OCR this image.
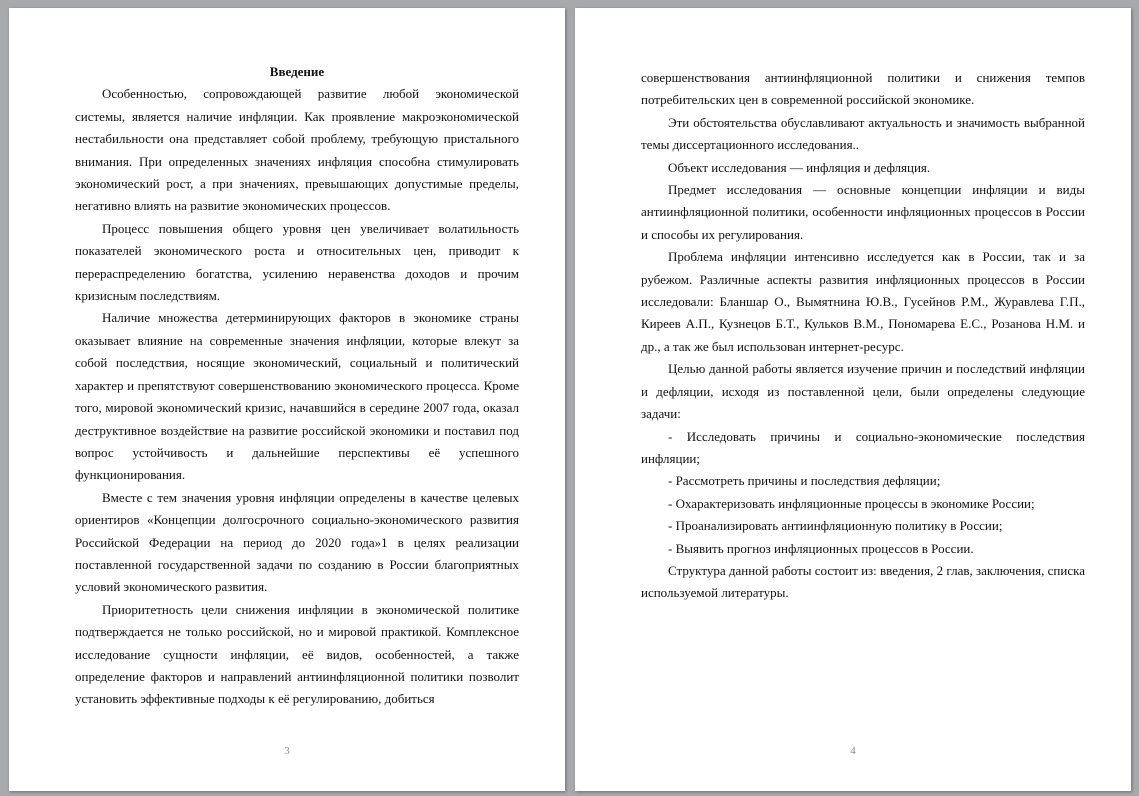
Введение

Особенностью, сопровождающей развитие любой экономической системы, является наличие инфляции. Как проявление макроэкономической нестабильности она представляет собой проблему, требующую пристального внимания. При определенных значениях инфляция способна стимулировать экономический рост, а при значениях, превышающих допустимые пределы, негативно влиять на развитие экономических процессов.

Процесс повышения общего уровня цен увеличивает волатильность показателей экономического роста и относительных цен, приводит к перераспределению богатства, усилению неравенства доходов и прочим кризисным последствиям.

Наличие множества детерминирующих факторов в экономике страны оказывает влияние на современные значения инфляции, которые влекут за собой последствия, носящие экономический, социальный и политический характер и препятствуют совершенствованию экономического процесса. Кроме того, мировой экономический кризис, начавшийся в середине 2007 года, оказал деструктивное воздействие на развитие российской экономики и поставил под вопрос устойчивость и дальнейшие перспективы её успешного функционирования.

Вместе с тем значения уровня инфляции определены в качестве целевых ориентиров «Концепции долгосрочного социально-экономического развития Российской Федерации на период до 2020 года»1 в целях реализации поставленной государственной задачи по созданию в России благоприятных условий экономического развития.

Приоритетность цели снижения инфляции в экономической политике подтверждается не только российской, но и мировой практикой. Комплексное исследование сущности инфляции, её видов, особенностей, а также определение факторов и направлений антиинфляционной политики позволит установить эффективные подходы к её регулированию, добиться

3

совершенствования антиинфляционной политики и снижения темпов потребительских цен в современной российской экономике.

Эти обстоятельства обуславливают актуальность и значимость выбранной темы диссертационного исследования..

Объект исследования — инфляция и дефляция.

Предмет исследования — основные концепции инфляции и виды антиинфляционной политики, особенности инфляционных процессов в России и способы их регулирования.

Проблема инфляции интенсивно исследуется как в России, так и за рубежом. Различные аспекты развития инфляционных процессов в России исследовали: Бланшар О., Вымятнина Ю.В., Гусейнов Р.М., Журавлева Г.П., Киреев А.П., Кузнецов Б.Т., Кульков В.М., Пономарева Е.С., Розанова Н.М. и др., а так же был использован интернет-ресурс.

Целью данной работы является изучение причин и последствий инфляции и дефляции, исходя из поставленной цели, были определены следующие задачи:

- Исследовать причины и социально-экономические последствия инфляции;

- Рассмотреть причины и последствия дефляции;

- Охарактеризовать инфляционные процессы в экономике России;

- Проанализировать антиинфляционную политику в России;

- Выявить прогноз инфляционных процессов в России.

Структура данной работы состоит из: введения, 2 глав, заключения, списка используемой литературы.

4
